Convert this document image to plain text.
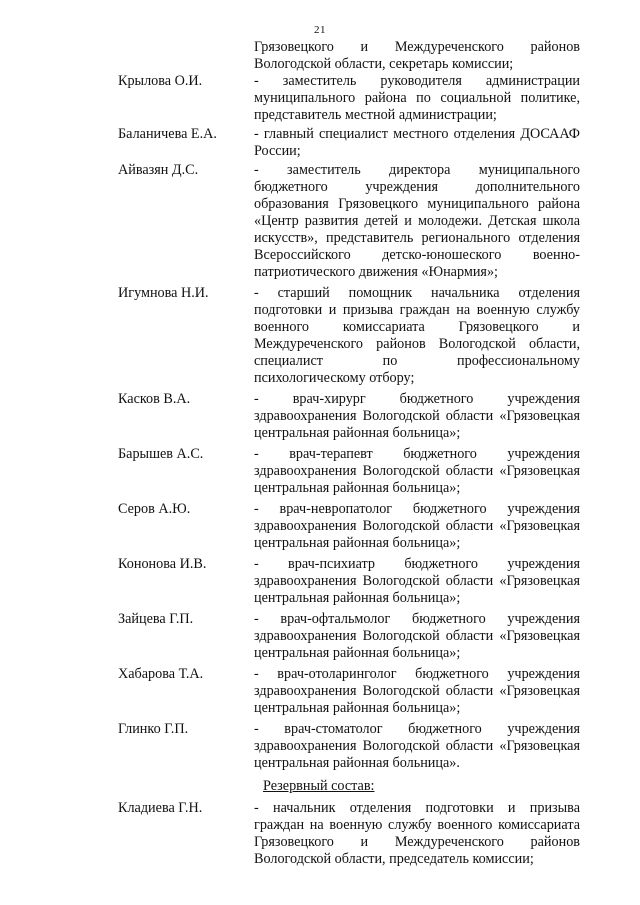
21
Грязовецкого и Междуреченского районов Вологодской области, секретарь комиссии;
Крылова О.И.	- заместитель руководителя администрации муниципального района по социальной политике, представитель местной администрации;
Баланичева Е.А.	- главный специалист местного отделения ДОСААФ России;
Айвазян Д.С.	- заместитель директора муниципального бюджетного учреждения дополнительного образования Грязовецкого муниципального района «Центр развития детей и молодежи. Детская школа искусств», представитель регионального отделения Всероссийского детско-юношеского военно-патриотического движения «Юнармия»;
Игумнова Н.И.	- старший помощник начальника отделения подготовки и призыва граждан на военную службу военного комиссариата Грязовецкого и Междуреченского районов Вологодской области, специалист по профессиональному психологическому отбору;
Касков В.А.	- врач-хирург бюджетного учреждения здравоохранения Вологодской области «Грязовецкая центральная районная больница»;
Барышев А.С.	- врач-терапевт бюджетного учреждения здравоохранения Вологодской области «Грязовецкая центральная районная больница»;
Серов А.Ю.	- врач-невропатолог бюджетного учреждения здравоохранения Вологодской области «Грязовецкая центральная районная больница»;
Кононова И.В.	- врач-психиатр бюджетного учреждения здравоохранения Вологодской области «Грязовецкая центральная районная больница»;
Зайцева Г.П.	- врач-офтальмолог бюджетного учреждения здравоохранения Вологодской области «Грязовецкая центральная районная больница»;
Хабарова Т.А.	- врач-отоларинголог бюджетного учреждения здравоохранения Вологодской области «Грязовецкая центральная районная больница»;
Глинко Г.П.	- врач-стоматолог бюджетного учреждения здравоохранения Вологодской области «Грязовецкая центральная районная больница».
Резервный состав:
Кладиева Г.Н.	- начальник отделения подготовки и призыва граждан на военную службу военного комиссариата Грязовецкого и Междуреченского районов Вологодской области, председатель комиссии;
